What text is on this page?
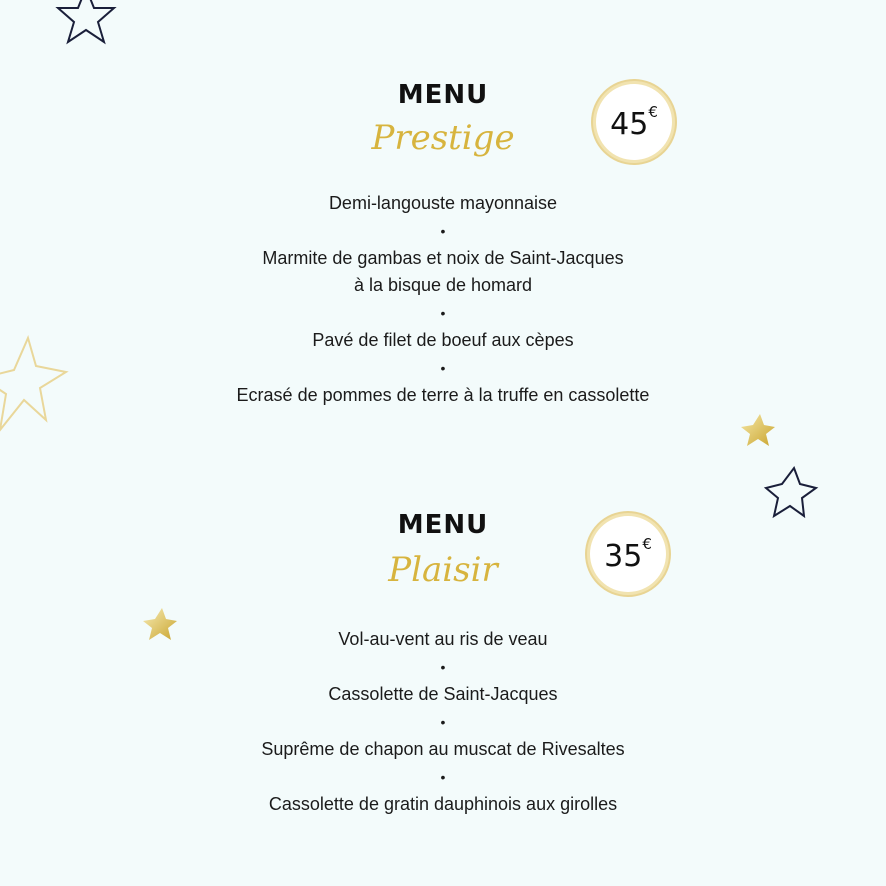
MENU
Prestige	45 €
Demi-langouste mayonnaise
•
Marmite de gambas et noix de Saint-Jacques
à la bisque de homard
•
Pavé de filet de boeuf aux cèpes
•
Ecrasé de pommes de terre à la truffe en cassolette
MENU
Plaisir	35 €
Vol-au-vent au ris de veau
•
Cassolette de Saint-Jacques
•
Suprême de chapon au muscat de Rivesaltes
•
Cassolette de gratin dauphinois aux girolles
